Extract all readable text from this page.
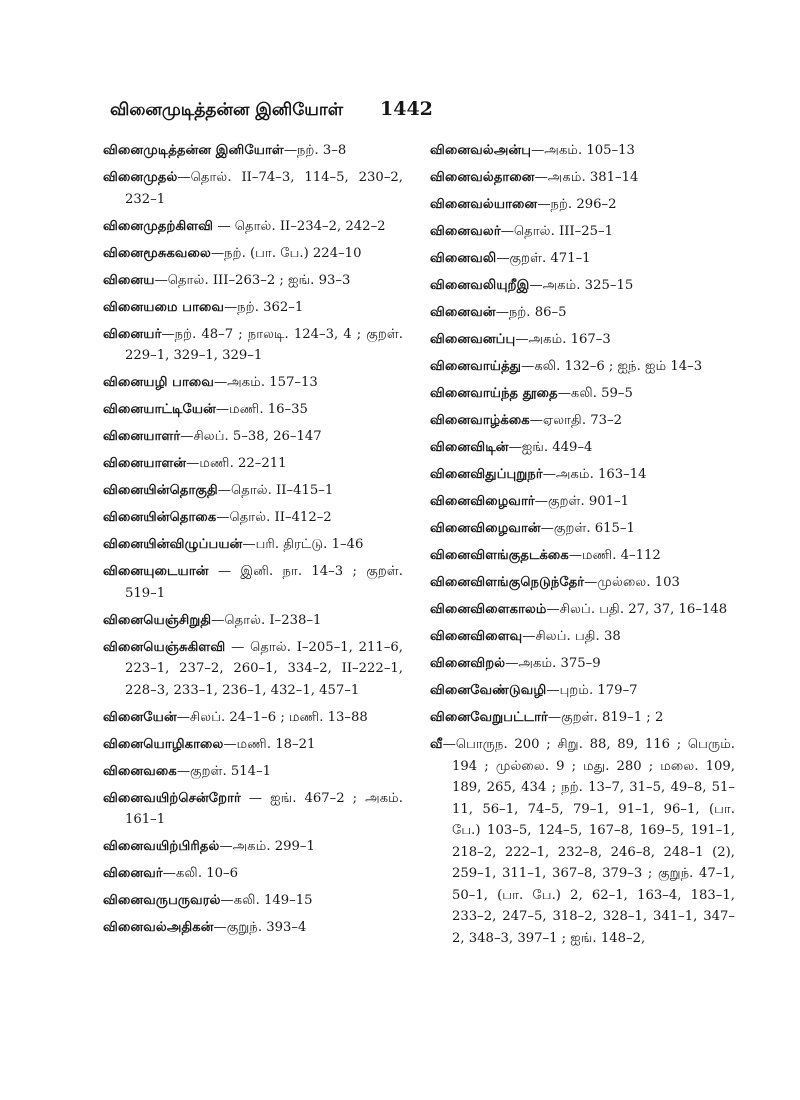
வினைமுடித்தன்ன இனியோள் 1442
வினைமுடித்தன்ன இனியோள்—நற். 3–8
வினைமுதல்—தொல். II–74–3, 114–5, 230–2, 232–1
வினைமுதற்கிளவி — தொல். II–234–2, 242–2
வினைமூசுகவலை—நற். (பா. பே.) 224–10
வினைய—தொல். III–263–2 ; ஐங். 93–3
வினையமை பாவை—நற். 362–1
வினையர்—நற். 48–7 ; நாலடி. 124–3, 4 ; குறள். 229–1, 329–1, 329–1
வினையழி பாவை—அகம். 157–13
வினையாட்டியேன்—மணி. 16–35
வினையாளர்—சிலப். 5–38, 26–147
வினையாளன்—மணி. 22–211
வினையின்தொகுதி—தொல். II–415–1
வினையின்தொகை—தொல். II–412–2
வினையின்விழுப்பயன்—பரி. திரட்டு. 1–46
வினையுடையான் — இனி. நா. 14–3 ; குறள். 519–1
வினையெஞ்சிறுதி—தொல். I–238–1
வினையெஞ்சுகிளவி — தொல். I–205–1, 211–6, 223–1, 237–2, 260–1, 334–2, II–222–1, 228–3, 233–1, 236–1, 432–1, 457–1
வினையேன்—சிலப். 24–1–6 ; மணி. 13–88
வினையொழிகாலை—மணி. 18–21
வினைவகை—குறள். 514–1
வினைவயிற்சென்றோர் — ஐங். 467–2 ; அகம். 161–1
வினைவயிற்பிரிதல்—அகம். 299–1
வினைவர்—கலி. 10–6
வினைவருபருவரல்—கலி. 149–15
வினைவல்அதிகன்—குறுந். 393–4
வினைவல்அன்பு—அகம். 105–13
வினைவல்தானை—அகம். 381–14
வினைவல்யானை—நற். 296–2
வினைவலர்—தொல். III–25–1
வினைவலி—குறள். 471–1
வினைவலியுறீஇ—அகம். 325–15
வினைவன்—நற். 86–5
வினைவனப்பு—அகம். 167–3
வினைவாய்த்து—கலி. 132–6 ; ஐந். ஐம் 14–3
வினைவாய்ந்த தூதை—கலி. 59–5
வினைவாழ்க்கை—ஏலாதி. 73–2
வினைவிடின்—ஐங். 449–4
வினைவிதுப்புறுநர்—அகம். 163–14
வினைவிழைவார்—குறள். 901–1
வினைவிழைவான்—குறள். 615–1
வினைவிளங்குதடக்கை—மணி. 4–112
வினைவிளங்குநெடுந்தேர்—முல்லை. 103
வினைவிளைகாலம்—சிலப். பதி. 27, 37, 16–148
வினைவிளைவு—சிலப். பதி. 38
வினைவிறல்—அகம். 375–9
வினைவேண்டுவழி—புறம். 179–7
வினைவேறுபட்டார்—குறள். 819–1 ; 2
வீ—பொருந. 200 ; சிறு. 88, 89, 116 ; பெரும். 194 ; முல்லை. 9 ; மது. 280 ; மலை. 109, 189, 265, 434 ; நற். 13–7, 31–5, 49–8, 51–11, 56–1, 74–5, 79–1, 91–1, 96–1, (பா. பே.) 103–5, 124–5, 167–8, 169–5, 191–1, 218–2, 222–1, 232–8, 246–8, 248–1 (2), 259–1, 311–1, 367–8, 379–3 ; குறுந். 47–1, 50–1, (பா. பே.) 2, 62–1, 163–4, 183–1, 233–2, 247–5, 318–2, 328–1, 341–1, 347–2, 348–3, 397–1 ; ஐங். 148–2,
